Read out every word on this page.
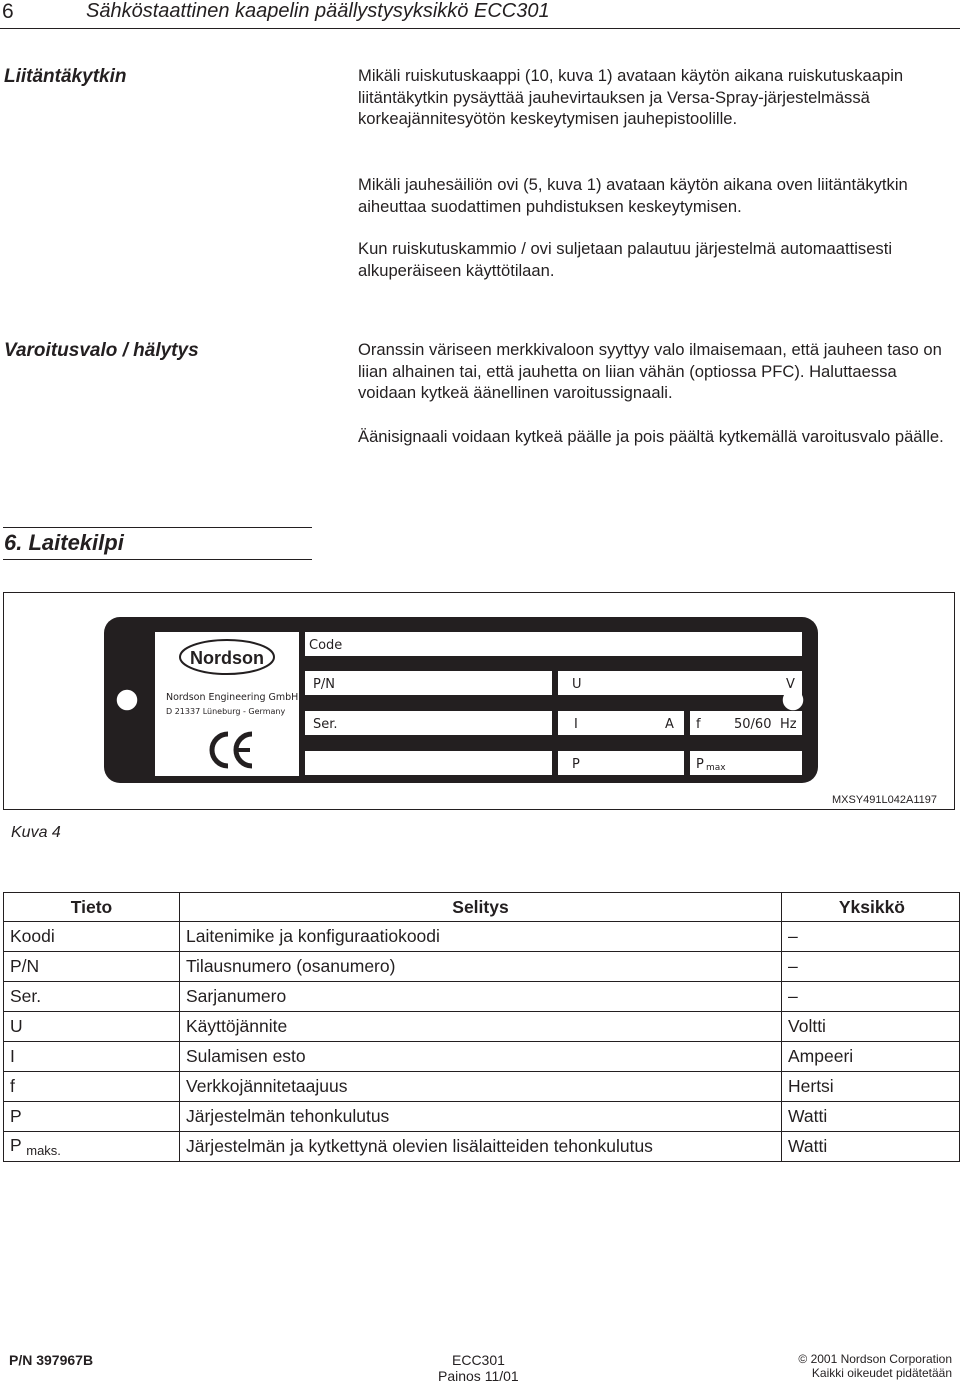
6	Sähköstaattinen kaapelin päällystysyksikkö ECC301
Liitäntäkytkin	Mikäli ruiskutuskaappi (10, kuva 1) avataan käytön aikana ruiskutuskaapin liitäntäkytkin pysäyttää jauhevirtauksen ja Versa-Spray-järjestelmässä korkeajännitesyötön keskeytymisen jauhepistoolille.
Mikäli jauhesäiliön ovi (5, kuva 1) avataan käytön aikana oven liitäntäkytkin aiheuttaa suodattimen puhdistuksen keskeytymisen.
Kun ruiskutuskammio / ovi suljetaan palautuu järjestelmä automaattisesti alkuperäiseen käyttötilaan.
Varoitusvalo / hälytys	Oranssin väriseen merkkivaloon syyttyy valo ilmaisemaan, että jauheen taso on liian alhainen tai, että jauhetta on liian vähän (optiossa PFC). Haluttaessa voidaan kytkeä äänellinen varoitussignaali.
Äänisignaali voidaan kytkeä päälle ja pois päältä kytkemällä varoitusvalo päälle.
6. Laitekilpi
Nordson
Nordson Engineering GmbH
D 21337 Lüneburg - Germany
Code
P/N
Ser.
U	V
I	A f	50/60 Hz
P	P max
MXSY491L042A1197
Kuva 4
Tieto	Selitys	Yksikkö
Koodi	Laitenimike ja konfiguraatiokoodi	–
P/N	Tilausnumero (osanumero)	–
Ser.	Sarjanumero	–
U	Käyttöjännite	Voltti
I	Sulamisen esto	Ampeeri
f	Verkkojännitetaajuus	Hertsi
P	Järjestelmän tehonkulutus	Watti
P $_{maks.}$	Järjestelmän ja kytkettynä olevien lisälaitteiden tehonkulutus	Watti
P/N 397967B	ECC301
Painos 11/01
© 2001 Nordson Corporation
Kaikki oikeudet pidätetään
